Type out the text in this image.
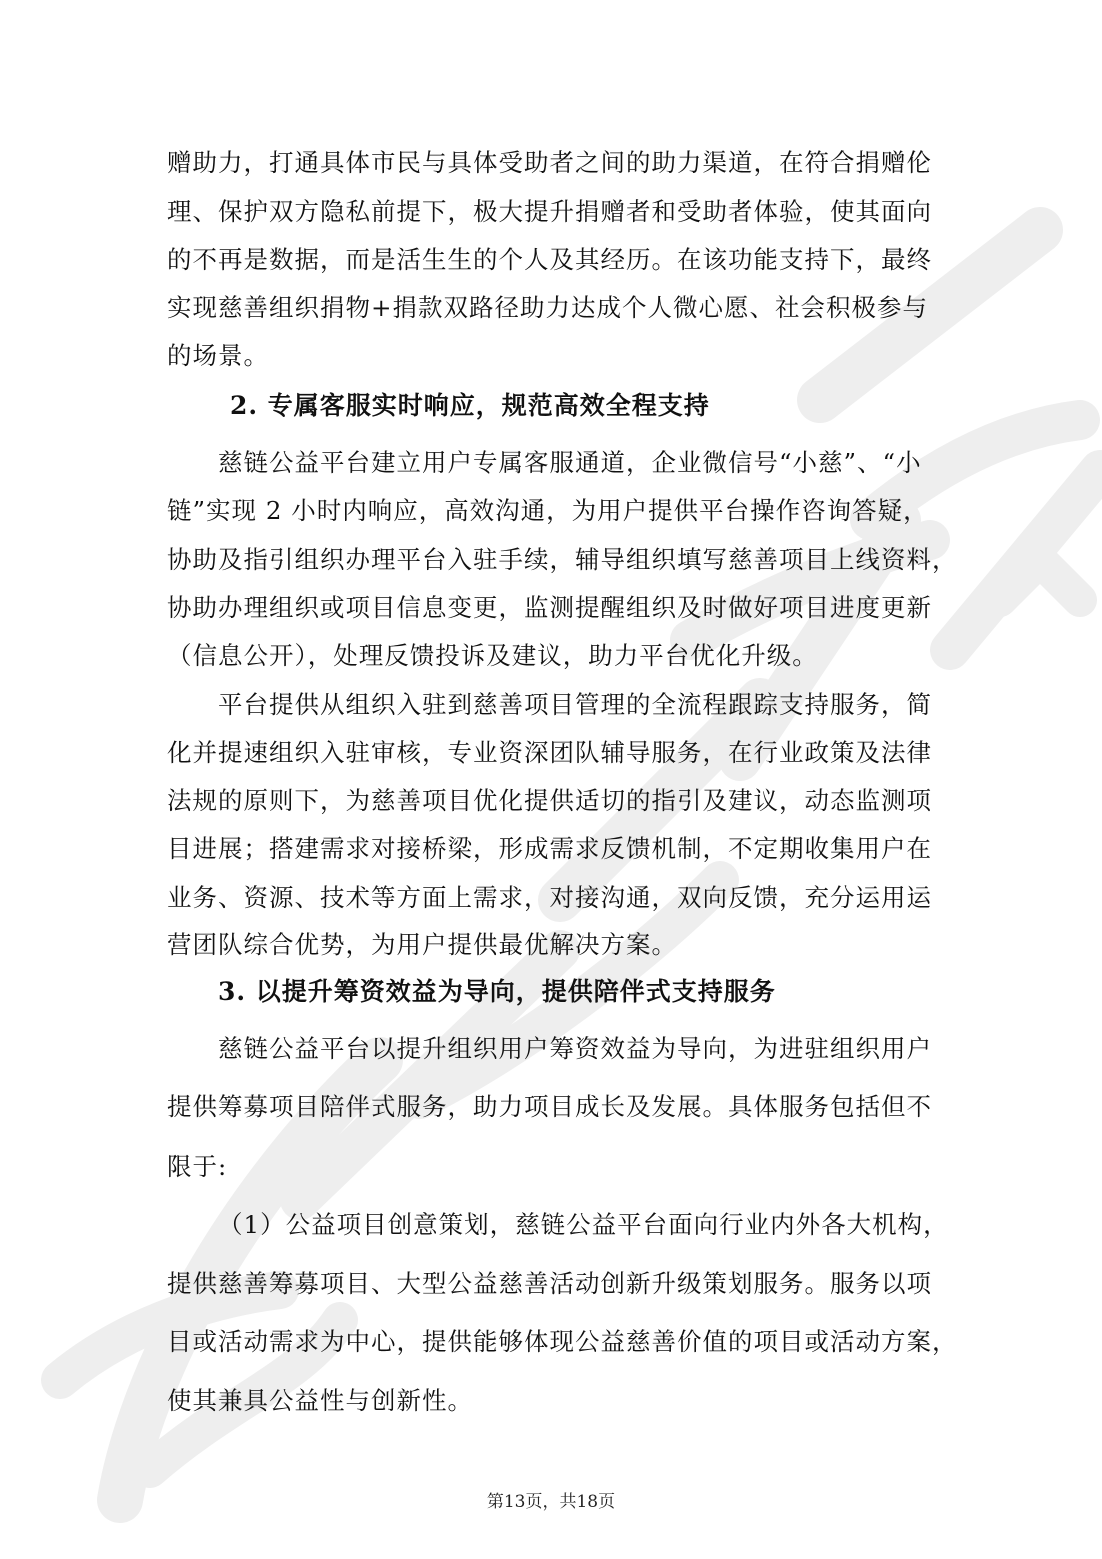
赠助力，打通具体市民与具体受助者之间的助力渠道，在符合捐赠伦
理、保护双方隐私前提下，极大提升捐赠者和受助者体验，使其面向
的不再是数据，而是活生生的个人及其经历。在该功能支持下，最终
实现慈善组织捐物+捐款双路径助力达成个人微心愿、社会积极参与
的场景。
2. 专属客服实时响应，规范高效全程支持
慈链公益平台建立用户专属客服通道，企业微信号“小慈”、“小
链”实现 2 小时内响应，高效沟通，为用户提供平台操作咨询答疑，
协助及指引组织办理平台入驻手续，辅导组织填写慈善项目上线资料，
协助办理组织或项目信息变更，监测提醒组织及时做好项目进度更新
（信息公开），处理反馈投诉及建议，助力平台优化升级。
平台提供从组织入驻到慈善项目管理的全流程跟踪支持服务，简
化并提速组织入驻审核，专业资深团队辅导服务，在行业政策及法律
法规的原则下，为慈善项目优化提供适切的指引及建议，动态监测项
目进展；搭建需求对接桥梁，形成需求反馈机制，不定期收集用户在
业务、资源、技术等方面上需求，对接沟通，双向反馈，充分运用运
营团队综合优势，为用户提供最优解决方案。
3. 以提升筹资效益为导向，提供陪伴式支持服务
慈链公益平台以提升组织用户筹资效益为导向，为进驻组织用户
提供筹募项目陪伴式服务，助力项目成长及发展。具体服务包括但不
限于:
（1）公益项目创意策划，慈链公益平台面向行业内外各大机构，
提供慈善筹募项目、大型公益慈善活动创新升级策划服务。服务以项
目或活动需求为中心，提供能够体现公益慈善价值的项目或活动方案，
使其兼具公益性与创新性。
第13页，共18页
